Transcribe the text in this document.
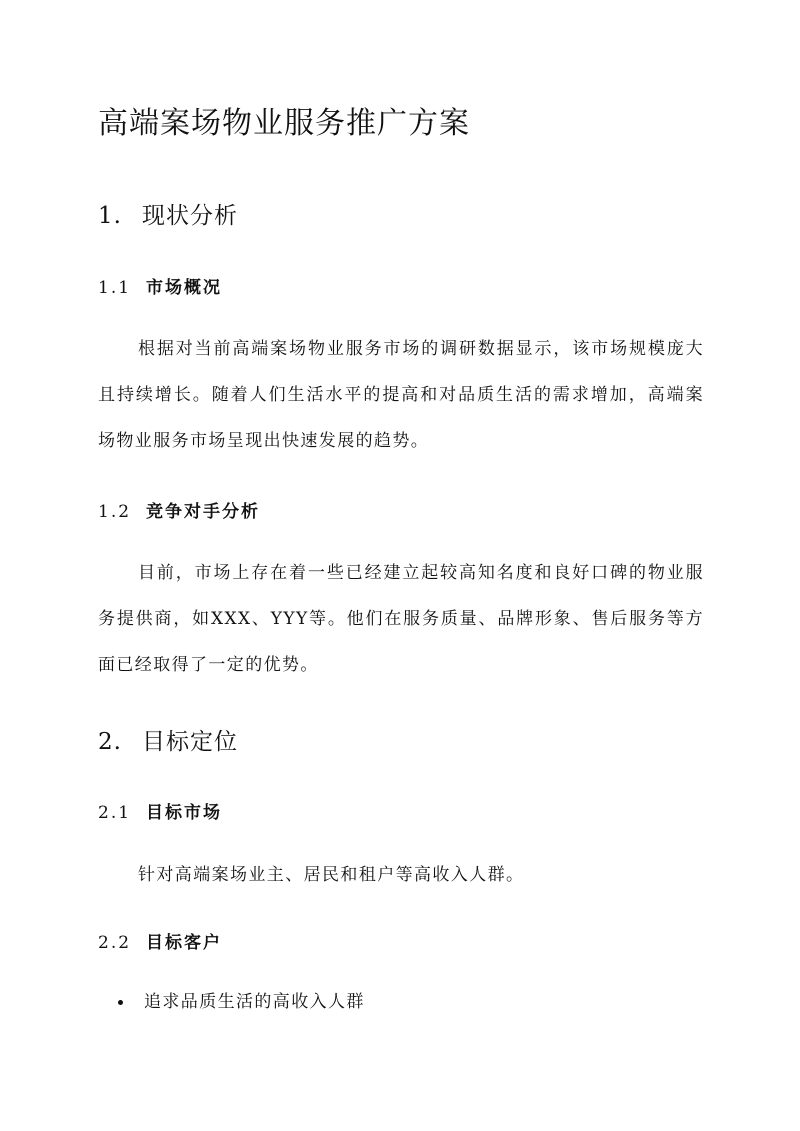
高端案场物业服务推广方案
1. 现状分析
1.1 市场概况

根据对当前高端案场物业服务市场的调研数据显示，该市场规模庞大且持续增长。随着人们生活水平的提高和对品质生活的需求增加，高端案场物业服务市场呈现出快速发展的趋势。

1.2 竞争对手分析

目前，市场上存在着一些已经建立起较高知名度和良好口碑的物业服务提供商，如XXX、YYY等。他们在服务质量、品牌形象、售后服务等方面已经取得了一定的优势。

2. 目标定位
2.1 目标市场

针对高端案场业主、居民和租户等高收入人群。

2.2 目标客户
追求品质生活的高收入人群
